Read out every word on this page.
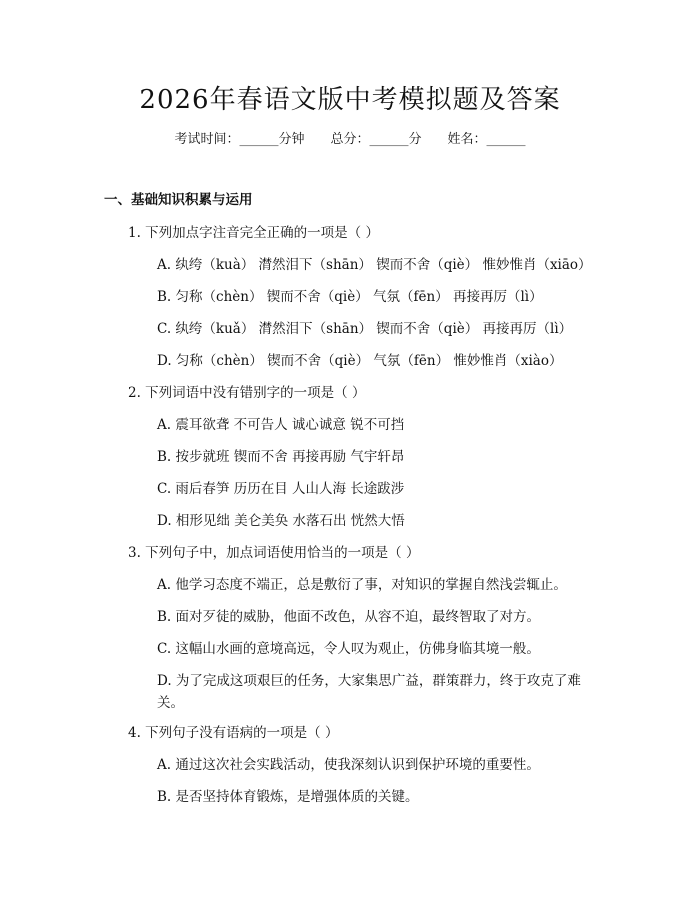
2026年春语文版中考模拟题及答案
考试时间：______分钟 总分：______分 姓名：______
一、基础知识积累与运用
1. 下列加点字注音完全正确的一项是（ ）
A. 纨绔（kuà） 潸然泪下（shān） 锲而不舍（qiè） 惟妙惟肖（xiāo）
B. 匀称（chèn） 锲而不舍（qiè） 气氛（fēn） 再接再厉（lì）
C. 纨绔（kuǎ） 潸然泪下（shān） 锲而不舍（qiè） 再接再厉（lì）
D. 匀称（chèn） 锲而不舍（qiè） 气氛（fēn） 惟妙惟肖（xiào）
2. 下列词语中没有错别字的一项是（ ）
A. 震耳欲聋 不可告人 诚心诚意 锐不可挡
B. 按步就班 锲而不舍 再接再励 气宇轩昂
C. 雨后春笋 历历在目 人山人海 长途跋涉
D. 相形见绌 美仑美奂 水落石出 恍然大悟
3. 下列句子中，加点词语使用恰当的一项是（ ）
A. 他学习态度不端正，总是敷衍了事，对知识的掌握自然浅尝辄止。
B. 面对歹徒的威胁，他面不改色，从容不迫，最终智取了对方。
C. 这幅山水画的意境高远，令人叹为观止，仿佛身临其境一般。
D. 为了完成这项艰巨的任务，大家集思广益，群策群力，终于攻克了难关。
4. 下列句子没有语病的一项是（ ）
A. 通过这次社会实践活动，使我深刻认识到保护环境的重要性。
B. 是否坚持体育锻炼，是增强体质的关键。
